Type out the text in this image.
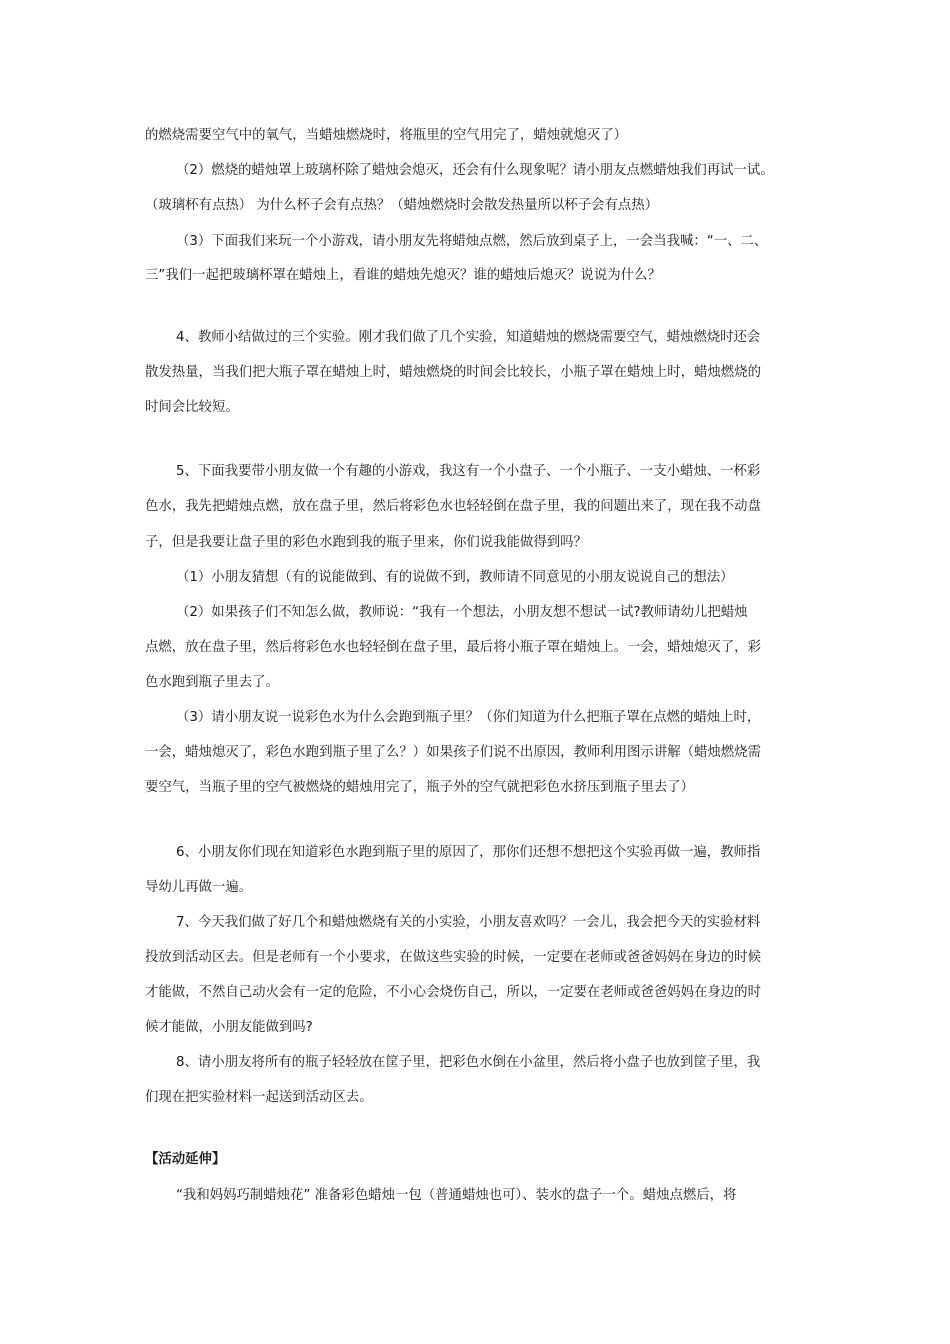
的燃烧需要空气中的氧气，当蜡烛燃烧时，将瓶里的空气用完了，蜡烛就熄灭了）
（2）燃烧的蜡烛罩上玻璃杯除了蜡烛会熄灭，还会有什么现象呢？请小朋友点燃蜡烛我们再试一试。
（玻璃杯有点热） 为什么杯子会有点热？（蜡烛燃烧时会散发热量所以杯子会有点热）
（3）下面我们来玩一个小游戏，请小朋友先将蜡烛点燃，然后放到桌子上，一会当我喊：“一、二、
三”我们一起把玻璃杯罩在蜡烛上，看谁的蜡烛先熄灭？谁的蜡烛后熄灭？说说为什么？
4、教师小结做过的三个实验。刚才我们做了几个实验，知道蜡烛的燃烧需要空气，蜡烛燃烧时还会
散发热量，当我们把大瓶子罩在蜡烛上时，蜡烛燃烧的时间会比较长，小瓶子罩在蜡烛上时，蜡烛燃烧的
时间会比较短。
5、下面我要带小朋友做一个有趣的小游戏，我这有一个小盘子、一个小瓶子、一支小蜡烛、一杯彩
色水，我先把蜡烛点燃，放在盘子里，然后将彩色水也轻轻倒在盘子里，我的问题出来了，现在我不动盘
子，但是我要让盘子里的彩色水跑到我的瓶子里来，你们说我能做得到吗？
（1）小朋友猜想（有的说能做到、有的说做不到，教师请不同意见的小朋友说说自己的想法）
（2）如果孩子们不知怎么做，教师说：“我有一个想法，小朋友想不想试一试?教师请幼儿把蜡烛
点燃，放在盘子里，然后将彩色水也轻轻倒在盘子里，最后将小瓶子罩在蜡烛上。一会，蜡烛熄灭了，彩
色水跑到瓶子里去了。
（3）请小朋友说一说彩色水为什么会跑到瓶子里？（你们知道为什么把瓶子罩在点燃的蜡烛上时，
一会，蜡烛熄灭了，彩色水跑到瓶子里了么？）如果孩子们说不出原因，教师利用图示讲解（蜡烛燃烧需
要空气，当瓶子里的空气被燃烧的蜡烛用完了，瓶子外的空气就把彩色水挤压到瓶子里去了）
6、小朋友你们现在知道彩色水跑到瓶子里的原因了，那你们还想不想把这个实验再做一遍，教师指
导幼儿再做一遍。
7、今天我们做了好几个和蜡烛燃烧有关的小实验，小朋友喜欢吗？一会儿，我会把今天的实验材料
投放到活动区去。但是老师有一个小要求，在做这些实验的时候，一定要在老师或爸爸妈妈在身边的时候
才能做，不然自己动火会有一定的危险，不小心会烧伤自己，所以，一定要在老师或爸爸妈妈在身边的时
候才能做，小朋友能做到吗?
8、请小朋友将所有的瓶子轻轻放在筐子里，把彩色水倒在小盆里，然后将小盘子也放到筐子里，我
们现在把实验材料一起送到活动区去。
【活动延伸】
“我和妈妈巧制蜡烛花” 准备彩色蜡烛一包（普通蜡烛也可）、装水的盘子一个。蜡烛点燃后，将
